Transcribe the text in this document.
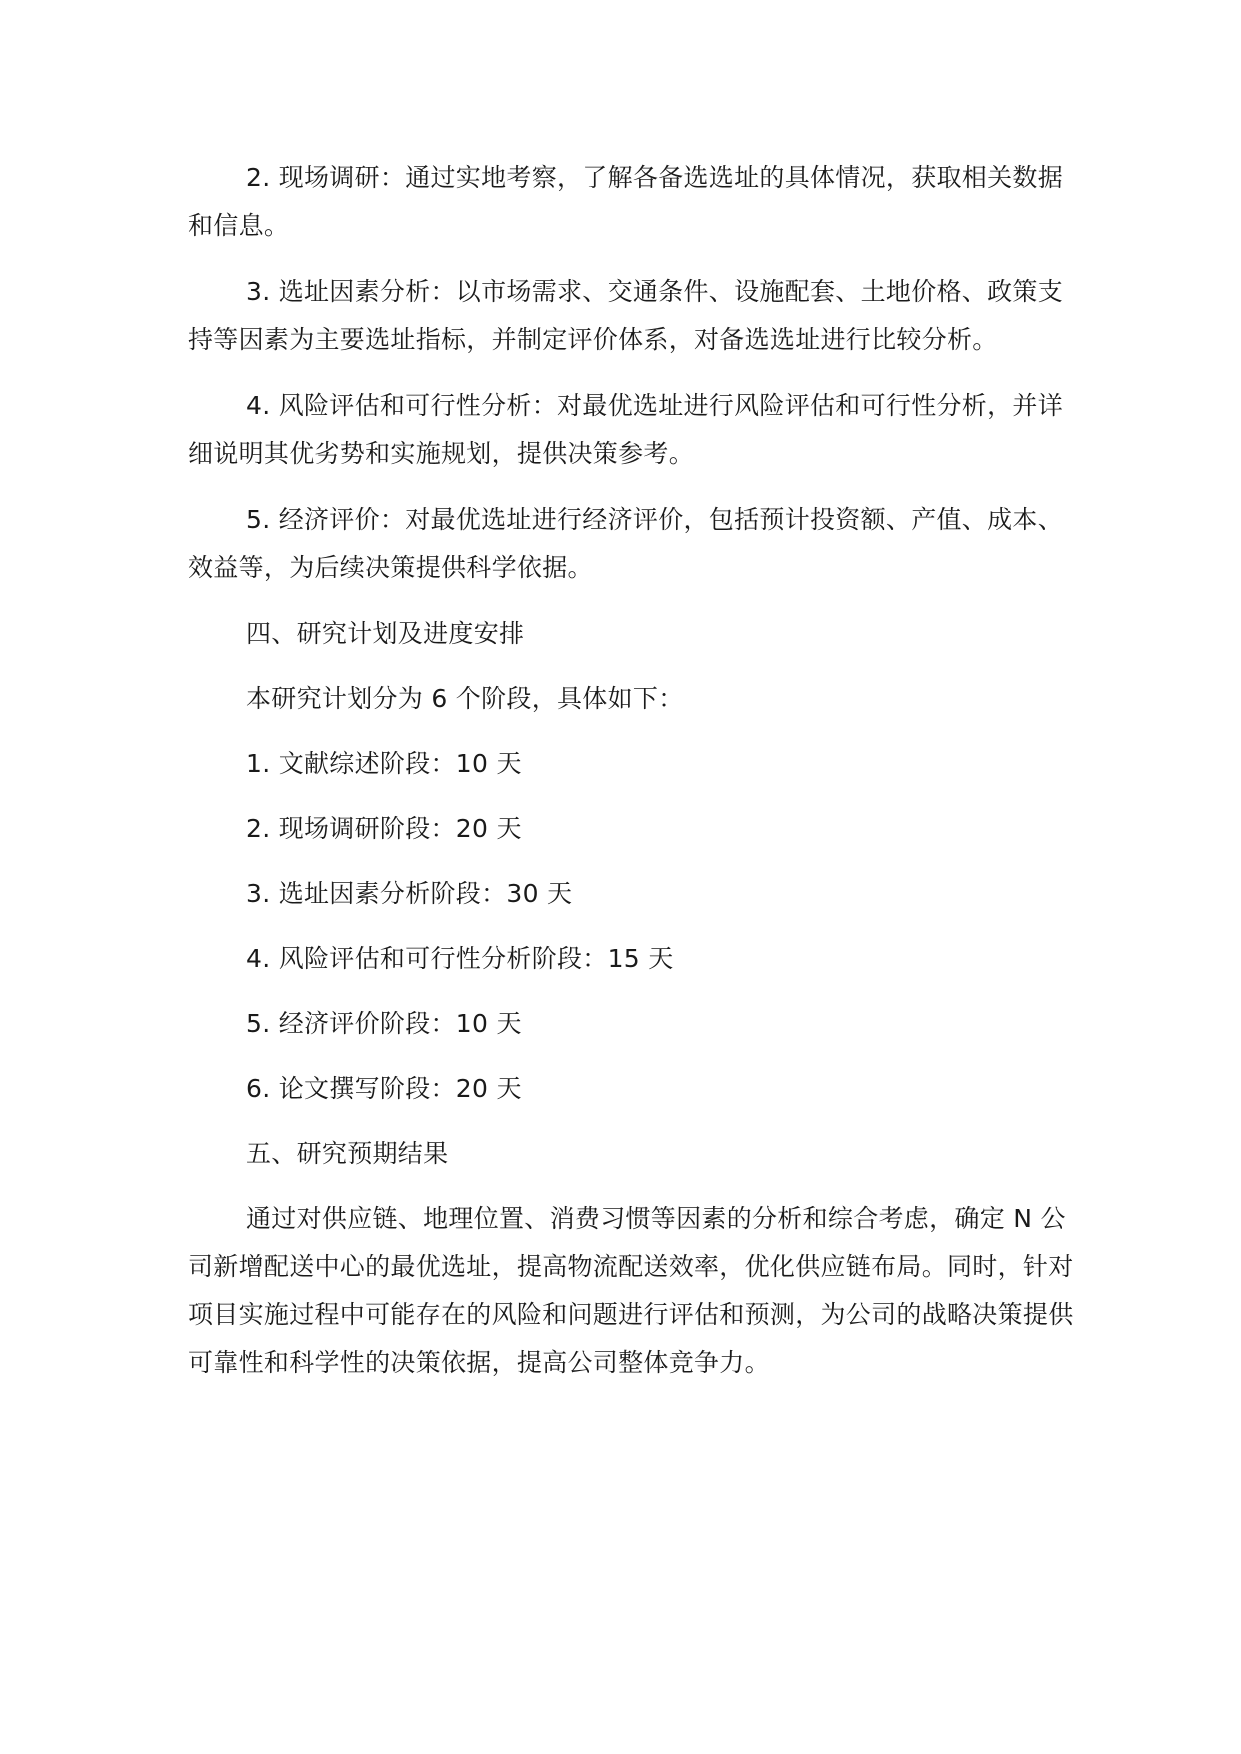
2. 现场调研：通过实地考察，了解各备选选址的具体情况，获取相关数据和信息。

3. 选址因素分析：以市场需求、交通条件、设施配套、土地价格、政策支持等因素为主要选址指标，并制定评价体系，对备选选址进行比较分析。

4. 风险评估和可行性分析：对最优选址进行风险评估和可行性分析，并详细说明其优劣势和实施规划，提供决策参考。

5. 经济评价：对最优选址进行经济评价，包括预计投资额、产值、成本、效益等，为后续决策提供科学依据。

四、研究计划及进度安排

本研究计划分为 6 个阶段，具体如下：

1. 文献综述阶段：10 天

2. 现场调研阶段：20 天

3. 选址因素分析阶段：30 天

4. 风险评估和可行性分析阶段：15 天

5. 经济评价阶段：10 天

6. 论文撰写阶段：20 天

五、研究预期结果

通过对供应链、地理位置、消费习惯等因素的分析和综合考虑，确定 N 公司新增配送中心的最优选址，提高物流配送效率，优化供应链布局。同时，针对项目实施过程中可能存在的风险和问题进行评估和预测，为公司的战略决策提供可靠性和科学性的决策依据，提高公司整体竞争力。
